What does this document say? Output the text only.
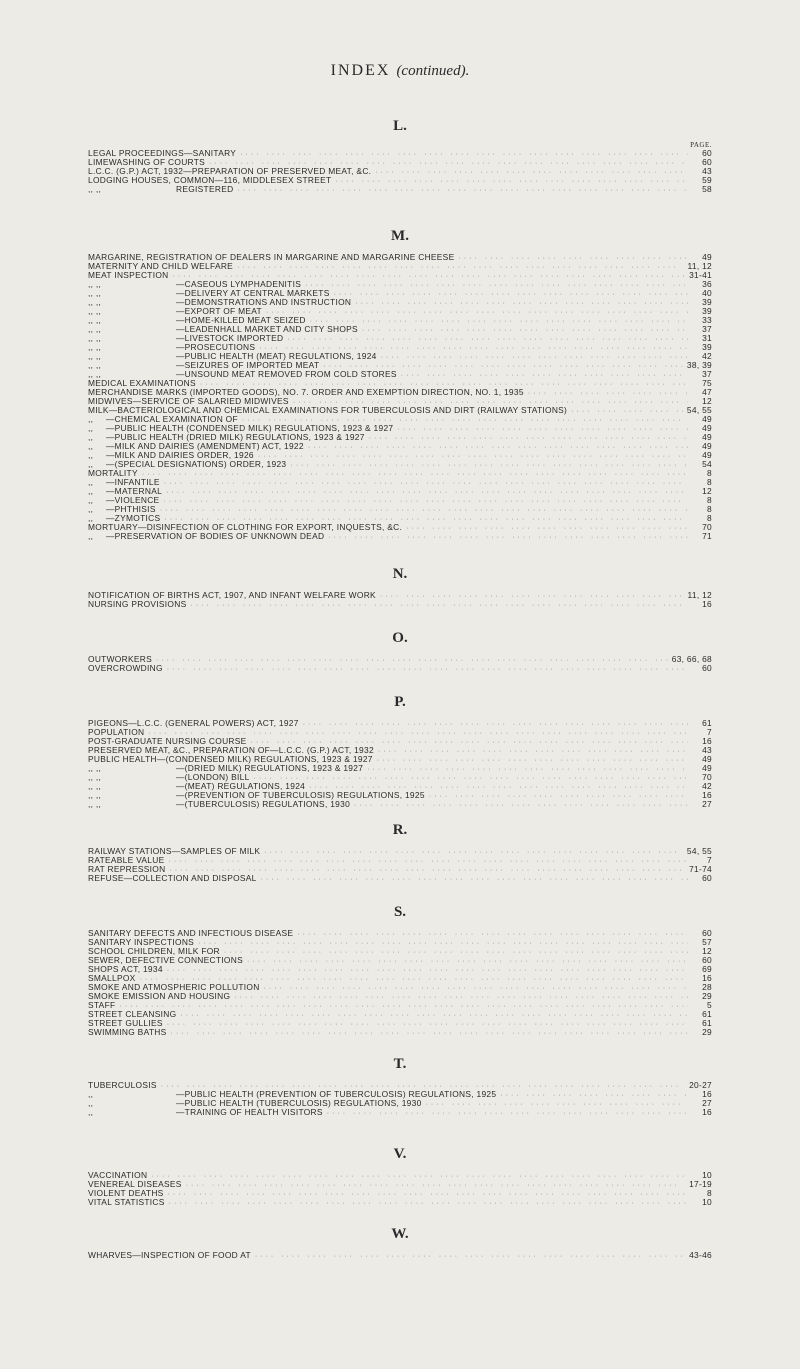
INDEX (continued).
L.
PAGE.
LEGAL PROCEEDINGS—SANITARY ····	60
LIMEWASHING OF COURTS ····	60
L.C.C. (G.P.) ACT, 1932—PREPARATION OF PRESERVED MEAT, &C. ····	43
LODGING HOUSES, COMMON—116, MIDDLESEX STREET ····	59
,, ,,	REGISTERED ····	58
M.
MARGARINE, REGISTRATION OF DEALERS IN MARGARINE AND MARGARINE CHEESE ····	49
MATERNITY AND CHILD WELFARE ····	11, 12
MEAT INSPECTION ····	31-41
,, ,,	—CASEOUS LYMPHADENITIS ····	36
,, ,,	—DELIVERY AT CENTRAL MARKETS ····	40
,, ,,	—DEMONSTRATIONS AND INSTRUCTION ····	39
,, ,,	—EXPORT OF MEAT ····	39
,, ,,	—HOME-KILLED MEAT SEIZED ····	33
,, ,,	—LEADENHALL MARKET AND CITY SHOPS ····	37
,, ,,	—LIVESTOCK IMPORTED ····	31
,, ,,	—PROSECUTIONS ····	39
,, ,,	—PUBLIC HEALTH (MEAT) REGULATIONS, 1924 ····	42
,, ,,	—SEIZURES OF IMPORTED MEAT ····	38, 39
,, ,,	—UNSOUND MEAT REMOVED FROM COLD STORES ····	37
MEDICAL EXAMINATIONS ····	75
MERCHANDISE MARKS (IMPORTED GOODS), NO. 7. ORDER AND EXEMPTION DIRECTION, NO. 1, 1935 ····	47
MIDWIVES—SERVICE OF SALARIED MIDWIVES ····	12
MILK—BACTERIOLOGICAL AND CHEMICAL EXAMINATIONS FOR TUBERCULOSIS AND DIRT (RAILWAY STATIONS) ····	54, 55
,,	—CHEMICAL EXAMINATION OF ····	49
,,	—PUBLIC HEALTH (CONDENSED MILK) REGULATIONS, 1923 & 1927 ····	49
,,	—PUBLIC HEALTH (DRIED MILK) REGULATIONS, 1923 & 1927 ····	49
,,	—MILK AND DAIRIES (AMENDMENT) ACT, 1922 ····	49
,,	—MILK AND DAIRIES ORDER, 1926 ····	49
,,	—(SPECIAL DESIGNATIONS) ORDER, 1923 ····	54
MORTALITY ····	8
,,	—INFANTILE ····	8
,,	—MATERNAL ····	12
,,	—VIOLENCE ····	8
,,	—PHTHISIS ····	8
,,	—ZYMOTICS ····	8
MORTUARY—DISINFECTION OF CLOTHING FOR EXPORT, INQUESTS, &C. ····	70
,,	—PRESERVATION OF BODIES OF UNKNOWN DEAD ····	71
N.
NOTIFICATION OF BIRTHS ACT, 1907, AND INFANT WELFARE WORK ····	11, 12
NURSING PROVISIONS ····	16
O.
OUTWORKERS ····	63, 66, 68
OVERCROWDING ····	60
P.
PIGEONS—L.C.C. (GENERAL POWERS) ACT, 1927 ····	61
POPULATION ····	7
POST-GRADUATE NURSING COURSE ····	16
PRESERVED MEAT, &C., PREPARATION OF—L.C.C. (G.P.) ACT, 1932 ····	43
PUBLIC HEALTH—(CONDENSED MILK) REGULATIONS, 1923 & 1927 ····	49
,, ,,	—(DRIED MILK) REGULATIONS, 1923 & 1927 ····	49
,, ,,	—(LONDON) BILL ····	70
,, ,,	—(MEAT) REGULATIONS, 1924 ····	42
,, ,,	—(PREVENTION OF TUBERCULOSIS) REGULATIONS, 1925 ····	16
,, ,,	—(TUBERCULOSIS) REGULATIONS, 1930 ····	27
R.
RAILWAY STATIONS—SAMPLES OF MILK ····	54, 55
RATEABLE VALUE ····	7
RAT REPRESSION ····	71-74
REFUSE—COLLECTION AND DISPOSAL ····	60
S.
SANITARY DEFECTS AND INFECTIOUS DISEASE ····	60
SANITARY INSPECTIONS ····	57
SCHOOL CHILDREN, MILK FOR ····	12
SEWER, DEFECTIVE CONNECTIONS ····	60
SHOPS ACT, 1934 ····	69
SMALLPOX ····	16
SMOKE AND ATMOSPHERIC POLLUTION ····	28
SMOKE EMISSION AND HOUSING ····	29
STAFF ····	5
STREET CLEANSING ····	61
STREET GULLIES ····	61
SWIMMING BATHS ····	29
T.
TUBERCULOSIS ····	20-27
,,	—PUBLIC HEALTH (PREVENTION OF TUBERCULOSIS) REGULATIONS, 1925 ····	16
,,	—PUBLIC HEALTH (TUBERCULOSIS) REGULATIONS, 1930 ····	27
,,	—TRAINING OF HEALTH VISITORS ····	16
V.
VACCINATION ····	10
VENEREAL DISEASES ····	17-19
VIOLENT DEATHS ····	8
VITAL STATISTICS ····	10
W.
WHARVES—INSPECTION OF FOOD AT ····	43-46
